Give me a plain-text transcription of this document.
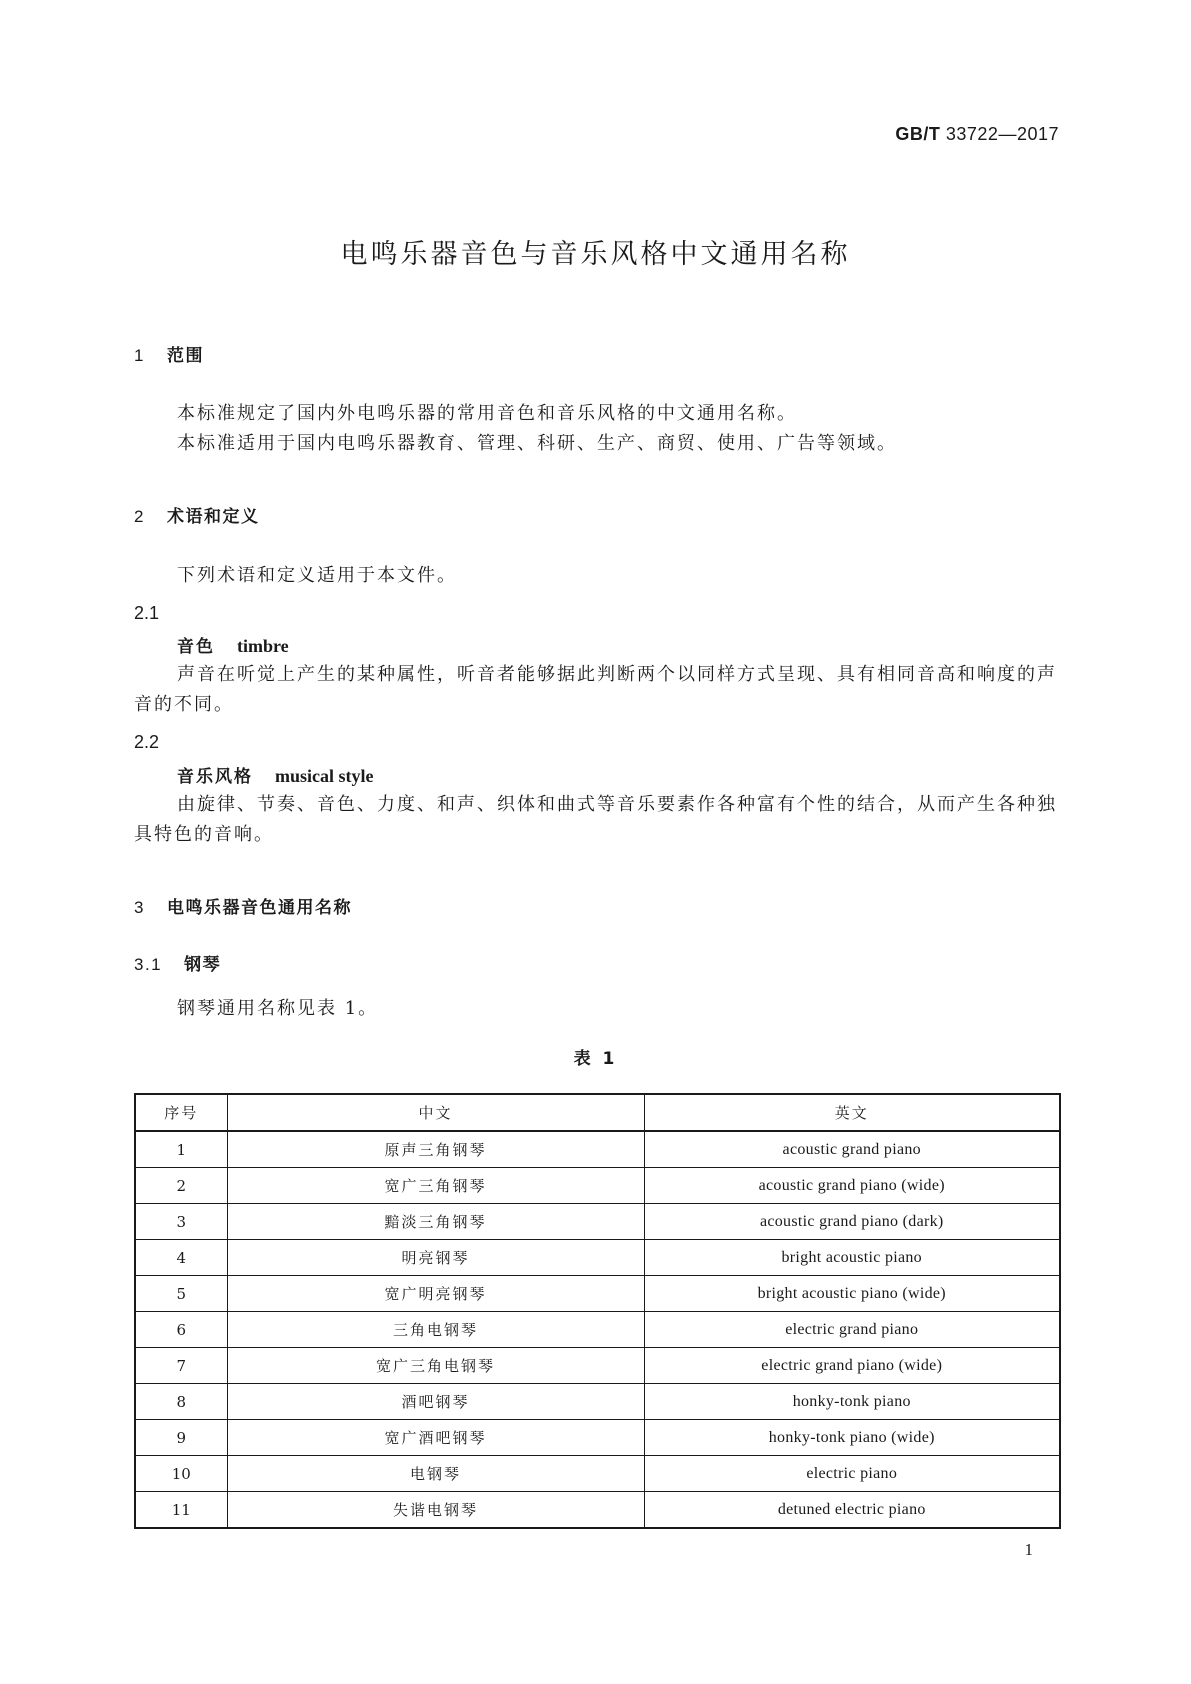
GB/T 33722—2017
电鸣乐器音色与音乐风格中文通用名称
1 范围
本标准规定了国内外电鸣乐器的常用音色和音乐风格的中文通用名称。
本标准适用于国内电鸣乐器教育、管理、科研、生产、商贸、使用、广告等领域。
2 术语和定义
下列术语和定义适用于本文件。
2.1
音色 timbre
声音在听觉上产生的某种属性，听音者能够据此判断两个以同样方式呈现、具有相同音高和响度的声音的不同。
2.2
音乐风格 musical style
由旋律、节奏、音色、力度、和声、织体和曲式等音乐要素作各种富有个性的结合，从而产生各种独具特色的音响。
3 电鸣乐器音色通用名称
3.1 钢琴
钢琴通用名称见表 1。
表 1
序号	中文	英文
1	原声三角钢琴	acoustic grand piano
2	宽广三角钢琴	acoustic grand piano (wide)
3	黯淡三角钢琴	acoustic grand piano (dark)
4	明亮钢琴	bright acoustic piano
5	宽广明亮钢琴	bright acoustic piano (wide)
6	三角电钢琴	electric grand piano
7	宽广三角电钢琴	electric grand piano (wide)
8	酒吧钢琴	honky-tonk piano
9	宽广酒吧钢琴	honky-tonk piano (wide)
10	电钢琴	electric piano
11	失谐电钢琴	detuned electric piano
1
